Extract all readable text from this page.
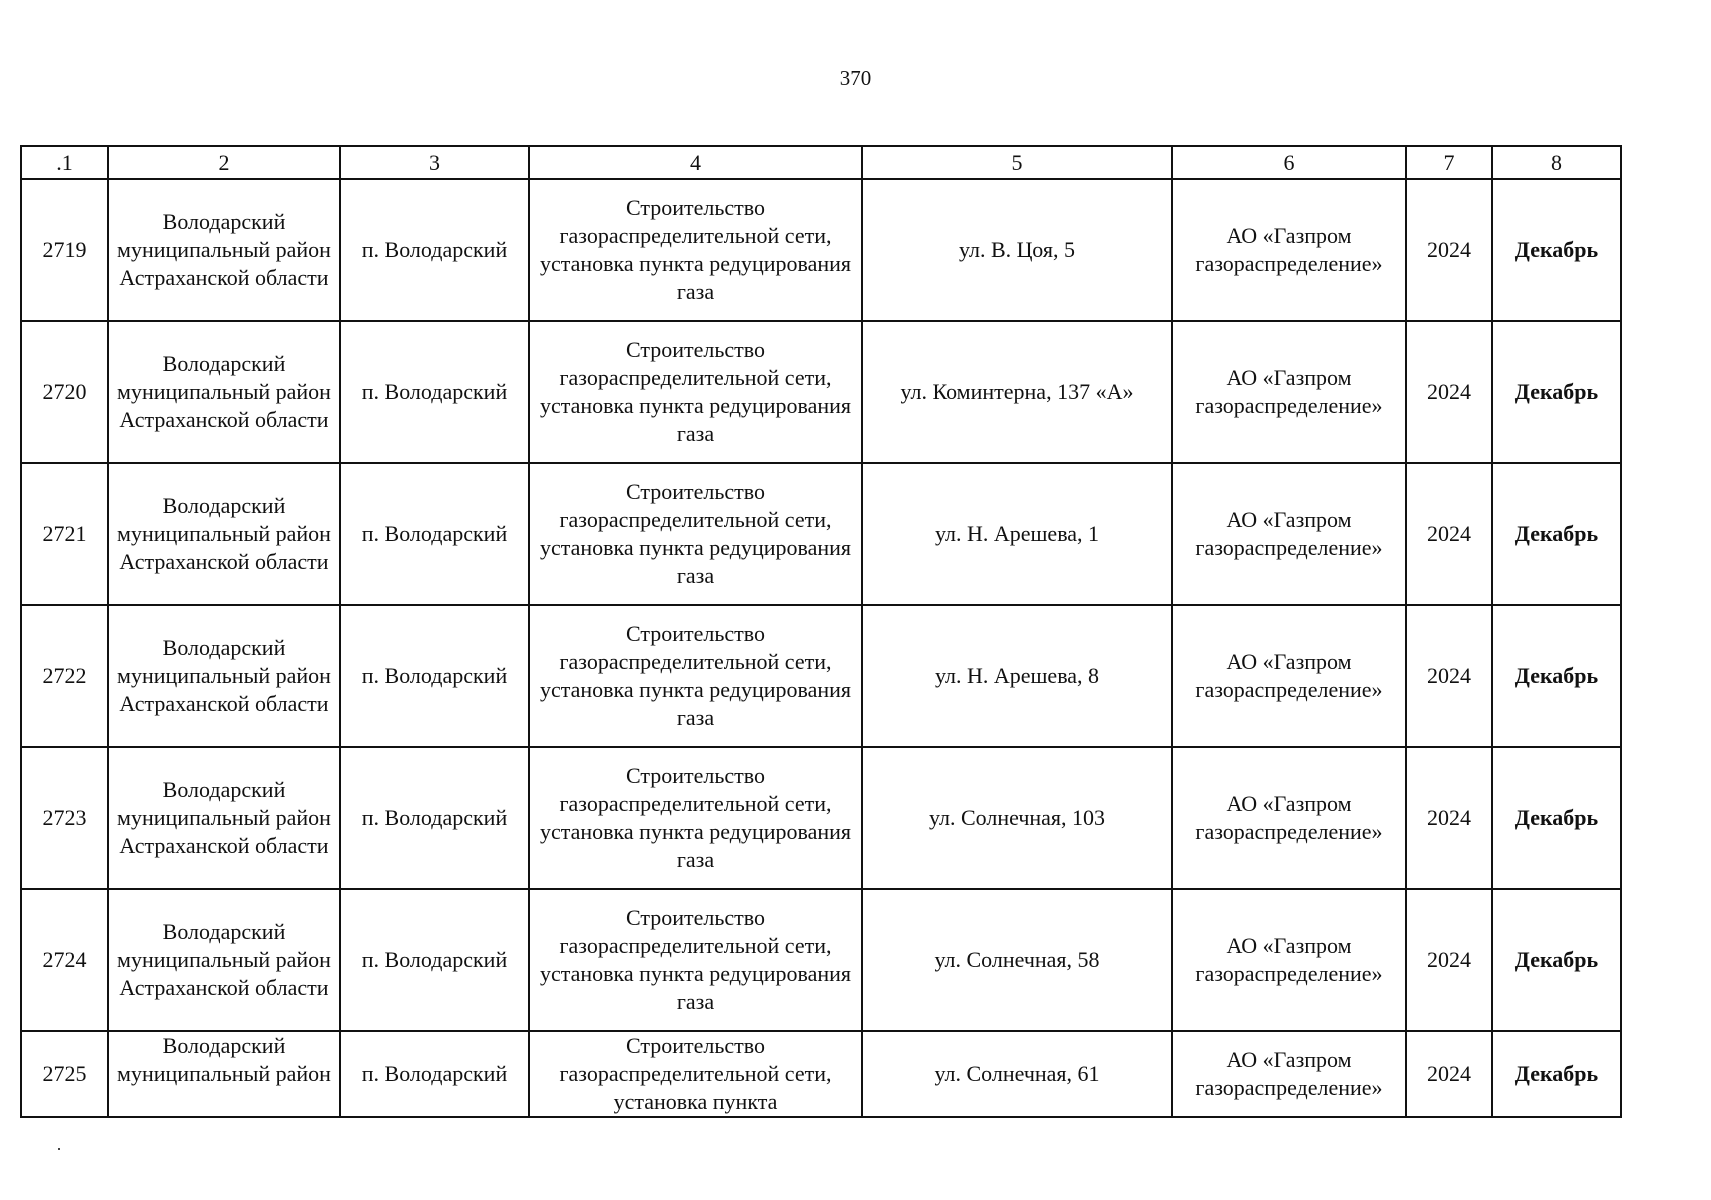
370
.1	2	3	4	5	6	7	8
2719	Володарский муниципальный район Астраханской области	п. Володарский	Строительство газораспределительной сети, установка пункта редуцирования газа	ул. В. Цоя, 5	АО «Газпром газораспределение»	2024	Декабрь
2720	Володарский муниципальный район Астраханской области	п. Володарский	Строительство газораспределительной сети, установка пункта редуцирования газа	ул. Коминтерна, 137 «А»	АО «Газпром газораспределение»	2024	Декабрь
2721	Володарский муниципальный район Астраханской области	п. Володарский	Строительство газораспределительной сети, установка пункта редуцирования газа	ул. Н. Арешева, 1	АО «Газпром газораспределение»	2024	Декабрь
2722	Володарский муниципальный район Астраханской области	п. Володарский	Строительство газораспределительной сети, установка пункта редуцирования газа	ул. Н. Арешева, 8	АО «Газпром газораспределение»	2024	Декабрь
2723	Володарский муниципальный район Астраханской области	п. Володарский	Строительство газораспределительной сети, установка пункта редуцирования газа	ул. Солнечная, 103	АО «Газпром газораспределение»	2024	Декабрь
2724	Володарский муниципальный район Астраханской области	п. Володарский	Строительство газораспределительной сети, установка пункта редуцирования газа	ул. Солнечная, 58	АО «Газпром газораспределение»	2024	Декабрь
2725	Володарский муниципальный район	п. Володарский	Строительство газораспределительной сети, установка пункта	ул. Солнечная, 61	АО «Газпром газораспределение»	2024	Декабрь
